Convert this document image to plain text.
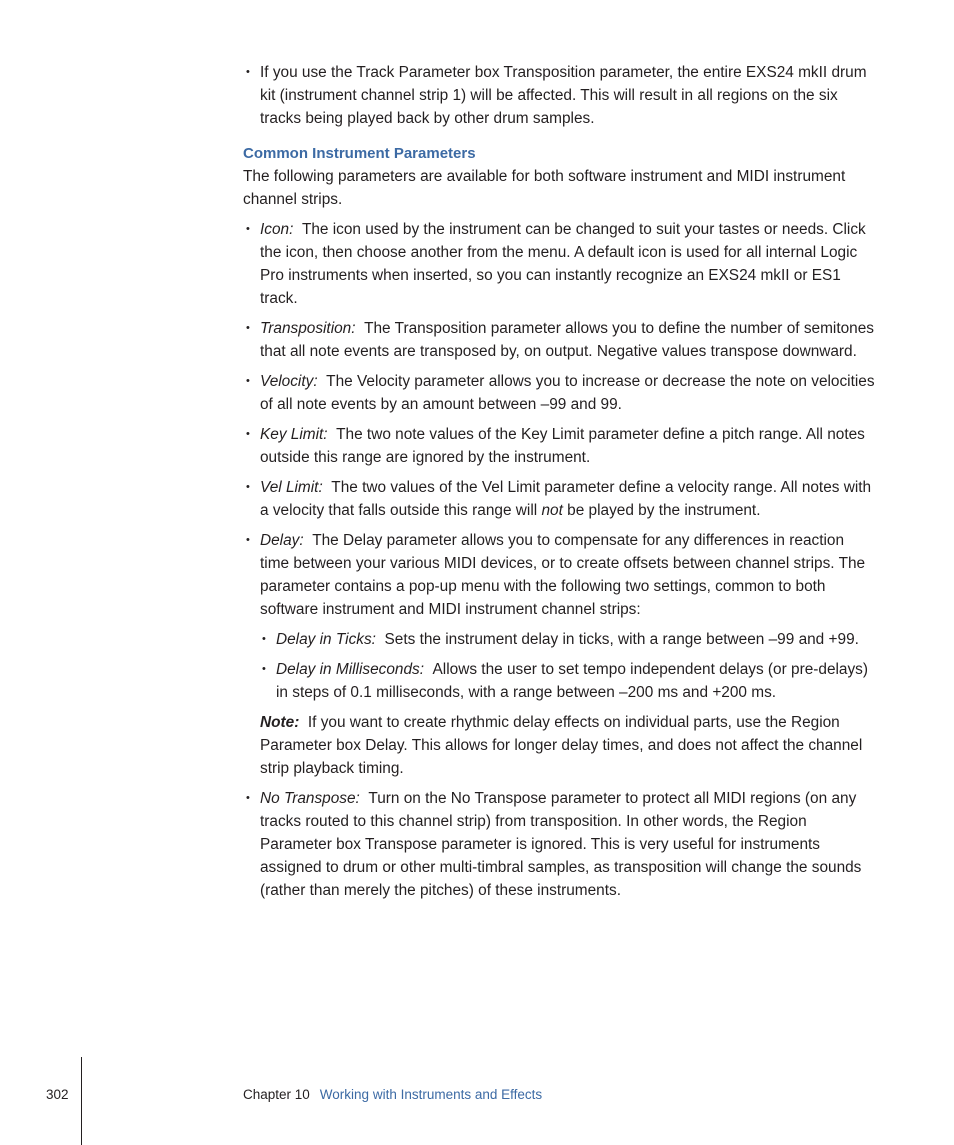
• If you use the Track Parameter box Transposition parameter, the entire EXS24 mkII drum kit (instrument channel strip 1) will be affected. This will result in all regions on the six tracks being played back by other drum samples.

Common Instrument Parameters

The following parameters are available for both software instrument and MIDI instrument channel strips.

• Icon: The icon used by the instrument can be changed to suit your tastes or needs. Click the icon, then choose another from the menu. A default icon is used for all internal Logic Pro instruments when inserted, so you can instantly recognize an EXS24 mkII or ES1 track.

• Transposition: The Transposition parameter allows you to define the number of semitones that all note events are transposed by, on output. Negative values transpose downward.

• Velocity: The Velocity parameter allows you to increase or decrease the note on velocities of all note events by an amount between –99 and 99.

• Key Limit: The two note values of the Key Limit parameter define a pitch range. All notes outside this range are ignored by the instrument.

• Vel Limit: The two values of the Vel Limit parameter define a velocity range. All notes with a velocity that falls outside this range will not be played by the instrument.

• Delay: The Delay parameter allows you to compensate for any differences in reaction time between your various MIDI devices, or to create offsets between channel strips. The parameter contains a pop-up menu with the following two settings, common to both software instrument and MIDI instrument channel strips:

• Delay in Ticks: Sets the instrument delay in ticks, with a range between –99 and +99.

• Delay in Milliseconds: Allows the user to set tempo independent delays (or pre-delays) in steps of 0.1 milliseconds, with a range between –200 ms and +200 ms.

Note: If you want to create rhythmic delay effects on individual parts, use the Region Parameter box Delay. This allows for longer delay times, and does not affect the channel strip playback timing.

• No Transpose: Turn on the No Transpose parameter to protect all MIDI regions (on any tracks routed to this channel strip) from transposition. In other words, the Region Parameter box Transpose parameter is ignored. This is very useful for instruments assigned to drum or other multi-timbral samples, as transposition will change the sounds (rather than merely the pitches) of these instruments.

302	Chapter 10 Working with Instruments and Effects
